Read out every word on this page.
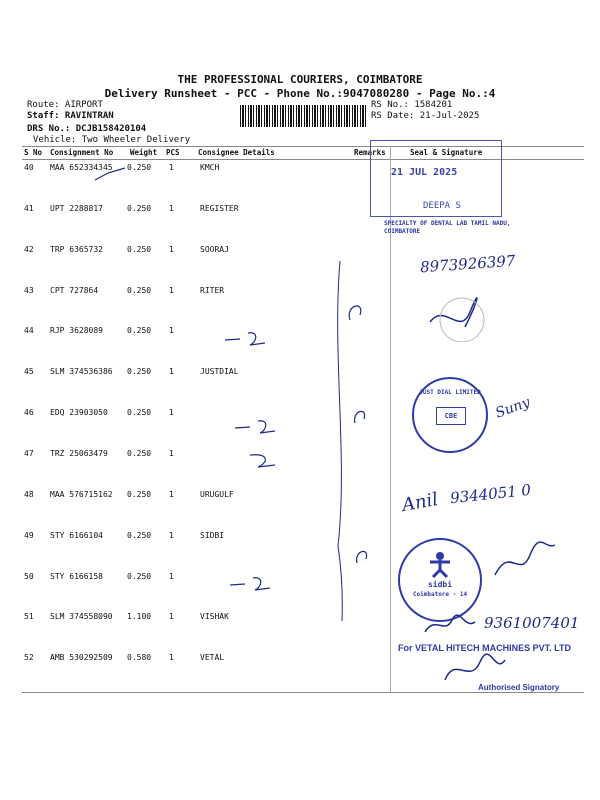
THE PROFESSIONAL COURIERS, COIMBATORE
Delivery Runsheet - PCC - Phone No.:9047080280 - Page No.:4
Route: AIRPORT
Staff: RAVINTRAN
DRS No.: DCJB158420104
Vehicle: Two Wheeler Delivery
RS No.: 1584201
RS Date: 21-Jul-2025
S No Consignment No Weight PCS Consignee Details	Remarks	Seal & Signature
40 MAA 652334345 0.250 1	KMCH
41 UPT 2288817	0.250 1	REGISTER
42 TRP 6365732	0.250 1	SOORAJ
43 CPT 727864	0.250 1	RITER
44 RJP 3628089	0.250 1
45 SLM 374536386 0.250 1	JUSTDIAL
46 EDQ 23903050 0.250 1
47 TRZ 25063479 0.250 1
48 MAA 576715162 0.250 1	URUGULF
49 STY 6166104	0.250 1	SIDBI
50 STY 6166158	0.250 1
51 SLM 374558090 1.100 1	VISHAK
52 AMB 530292509 0.580 1	VETAL
21 JUL 2025
DEEPA S
SPECIALTY OF DENTAL LAB TAMIL NADU, COIMBATORE
8973926397
JUST DIAL LIMITED
CBE	Suny
Anil 9344051 0
sidbi
Coimbatore - 14
9361007401
For VETAL HITECH MACHINES PVT. LTD
Authorised Signatory
